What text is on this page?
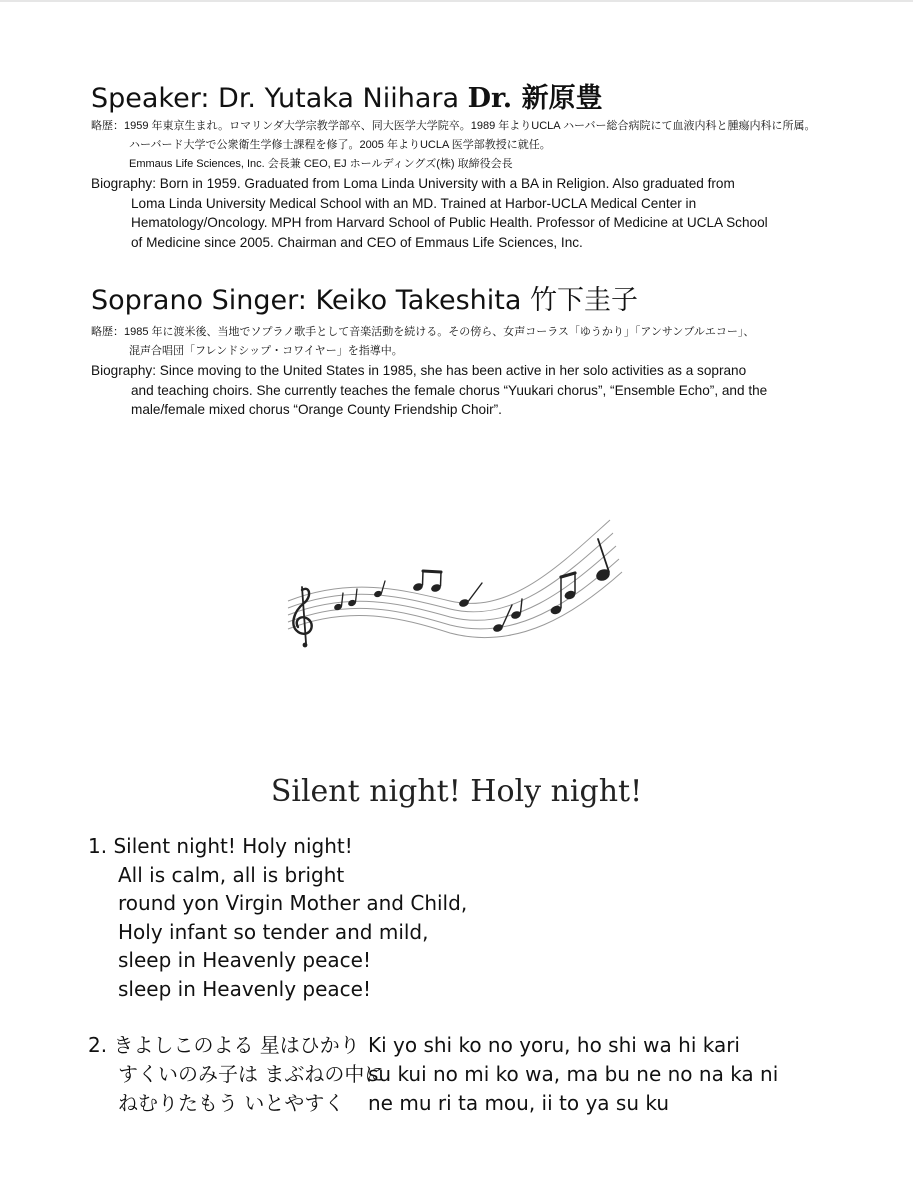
Speaker: Dr. Yutaka Niihara Dr. 新原豊
略歴：1959 年東京生まれ。ロマリンダ大学宗教学部卒、同大医学大学院卒。1989 年よりUCLA ハーバー総合病院にて血液内科と腫瘍内科に所属。
ハーバード大学で公衆衛生学修士課程を修了。2005 年よりUCLA 医学部教授に就任。
Emmaus Life Sciences, Inc. 会長兼 CEO, EJ ホールディングズ(株) 取締役会長
Biography: Born in 1959. Graduated from Loma Linda University with a BA in Religion. Also graduated from
Loma Linda University Medical School with an MD. Trained at Harbor-UCLA Medical Center in
Hematology/Oncology. MPH from Harvard School of Public Health. Professor of Medicine at UCLA School
of Medicine since 2005. Chairman and CEO of Emmaus Life Sciences, Inc.
Soprano Singer: Keiko Takeshita 竹下圭子
略歴：1985 年に渡米後、当地でソプラノ歌手として音楽活動を続ける。その傍ら、女声コーラス「ゆうかり」「アンサンブルエコー」、
混声合唱団「フレンドシップ・コワイヤー」を指導中。
Biography: Since moving to the United States in 1985, she has been active in her solo activities as a soprano
and teaching choirs. She currently teaches the female chorus “Yuukari chorus”, “Ensemble Echo”, and the
male/female mixed chorus “Orange County Friendship Choir”.
Silent night! Holy night!
1. Silent night! Holy night!
All is calm, all is bright
round yon Virgin Mother and Child,
Holy infant so tender and mild,
sleep in Heavenly peace!
sleep in Heavenly peace!
2. きよしこのよる 星はひかり Ki yo shi ko no yoru, ho shi wa hi kari
すくいのみ子は まぶねの中に
su kui no mi ko wa, ma bu ne no na ka ni
ねむりたもう いとやすく ne mu ri ta mou, ii to ya su ku
